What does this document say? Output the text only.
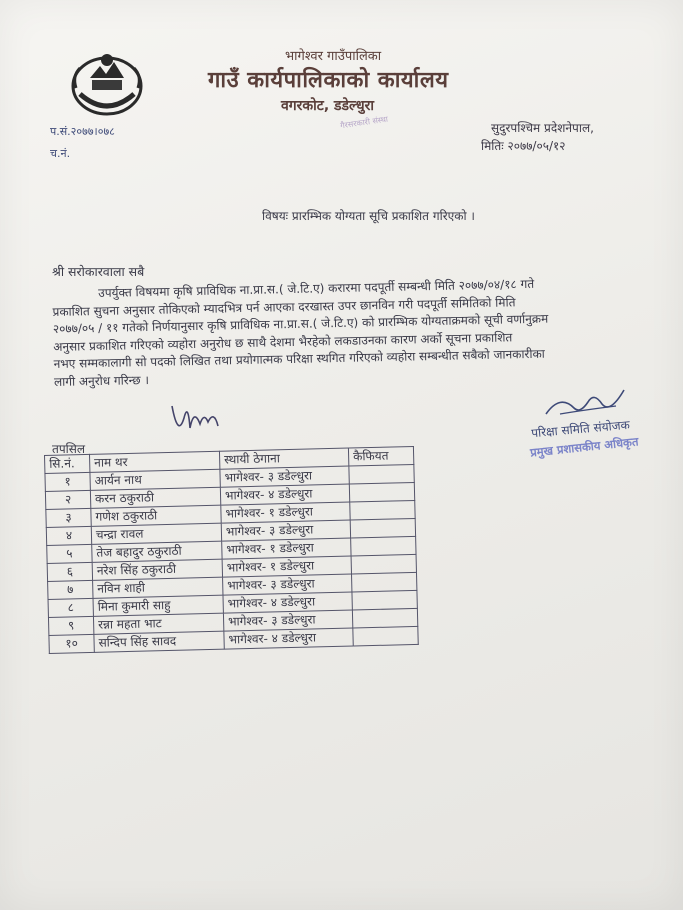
भागेश्वर गाउँपालिका
गाउँ कार्यपालिकाको कार्यालय
वगरकोट, डडेल्धुरा
गैरसरकारी संस्था
प.सं.२०७७।०७८
च.नं.
सुदुरपश्चिम प्रदेशनेपाल,
मितिः २०७७/०५/१२
विषयः प्रारम्भिक योग्यता सूचि प्रकाशित गरिएको ।
श्री सरोकारवाला सबै
उपर्युक्त विषयमा कृषि प्राविधिक ना.प्रा.स.( जे.टि.ए) करारमा पदपूर्ती सम्बन्धी मिति २०७७/०४/१८ गते
प्रकाशित सुचना अनुसार तोकिएको म्यादभित्र पर्न आएका दरखास्त उपर छानविन गरी पदपूर्ती समितिको मिति
२०७७/०५ / ११ गतेको निर्णयानुसार कृषि प्राविधिक ना.प्रा.स.( जे.टि.ए) को प्रारम्भिक योग्यताक्रमको सूची वर्णानुक्रम
अनुसार प्रकाशित गरिएको व्यहोरा अनुरोध छ साथै देशमा भैरहेको लकडाउनका कारण अर्को सूचना प्रकाशित
नभए सम्मकालागी सो पदको लिखित तथा प्रयोगात्मक परिक्षा स्थगित गरिएको व्यहोरा सम्बन्धीत सबैको जानकारीका
लागी अनुरोध गरिन्छ ।
परिक्षा समिति संयोजक
प्रमुख प्रशासकीय अधिकृत
तपसिल
सि.नं.	नाम थर	स्थायी ठेगाना	कैफियत
१	आर्यन नाथ	भागेश्वर- ३ डडेल्धुरा	
२	करन ठकुराठी	भागेश्वर- ४ डडेल्धुरा	
३	गणेश ठकुराठी	भागेश्वर- १ डडेल्धुरा	
४	चन्द्रा रावल	भागेश्वर- ३ डडेल्धुरा	
५	तेज बहादुर ठकुराठी	भागेश्वर- १ डडेल्धुरा	
६	नरेश सिंह ठकुराठी	भागेश्वर- १ डडेल्धुरा	
७	नविन शाही	भागेश्वर- ३ डडेल्धुरा	
८	मिना कुमारी साहु	भागेश्वर- ४ डडेल्धुरा	
९	रन्ना महता भाट	भागेश्वर- ३ डडेल्धुरा	
१०	सन्दिप सिंह सावद	भागेश्वर- ४ डडेल्धुरा	
